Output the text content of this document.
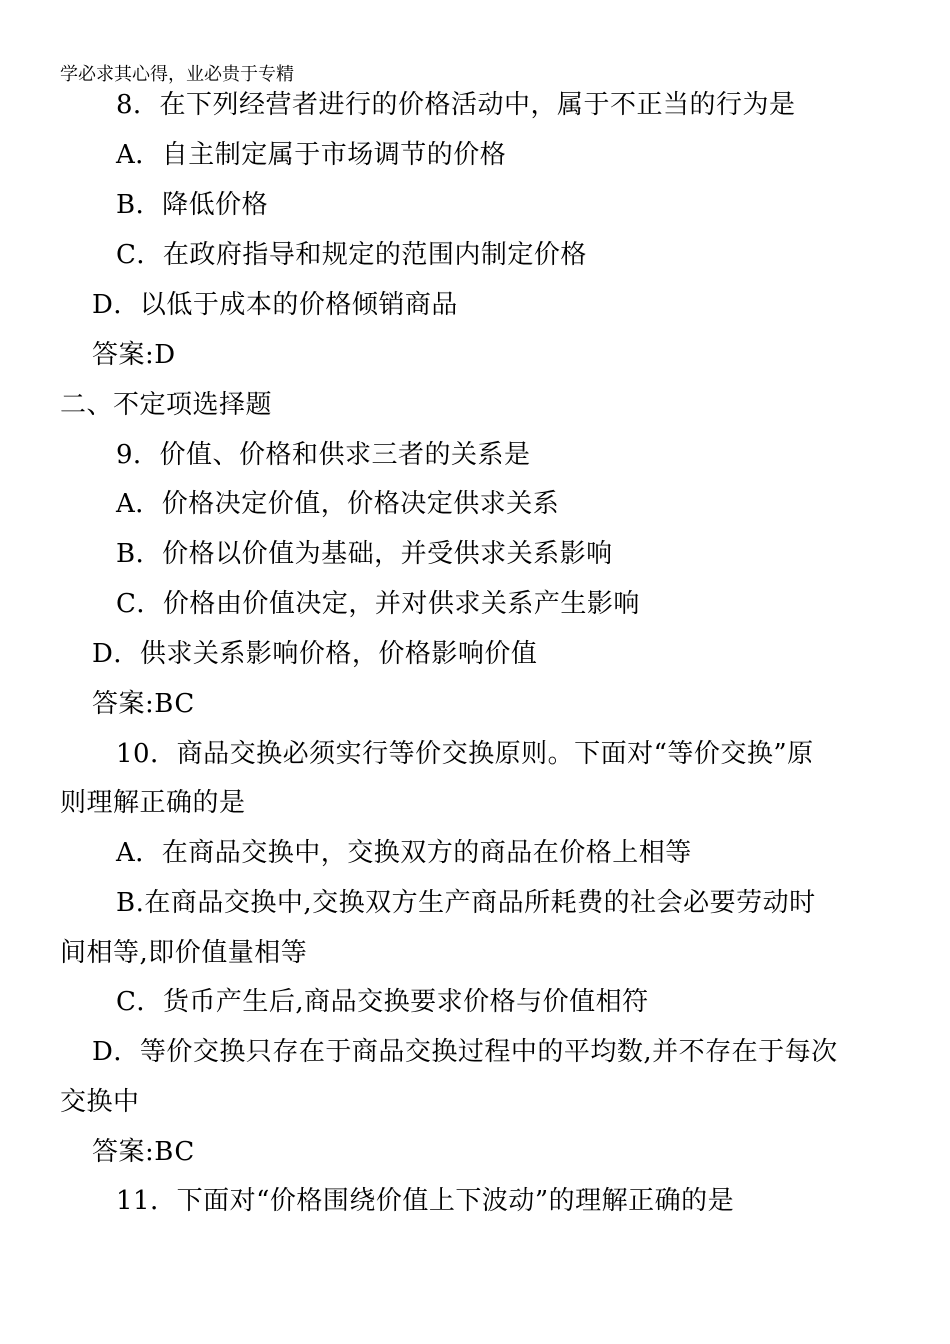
学必求其心得，业必贵于专精
8．在下列经营者进行的价格活动中，属于不正当的行为是
A．自主制定属于市场调节的价格
B．降低价格
C．在政府指导和规定的范围内制定价格
D．以低于成本的价格倾销商品
答案:D
二、不定项选择题
9．价值、价格和供求三者的关系是
A．价格决定价值，价格决定供求关系
B．价格以价值为基础，并受供求关系影响
C．价格由价值决定，并对供求关系产生影响
D．供求关系影响价格，价格影响价值
答案:BC
10．商品交换必须实行等价交换原则。下面对“等价交换”原
则理解正确的是
A．在商品交换中，交换双方的商品在价格上相等
B.在商品交换中,交换双方生产商品所耗费的社会必要劳动时
间相等,即价值量相等
C．货币产生后,商品交换要求价格与价值相符
D．等价交换只存在于商品交换过程中的平均数,并不存在于每次
交换中
答案:BC
11．下面对“价格围绕价值上下波动”的理解正确的是
